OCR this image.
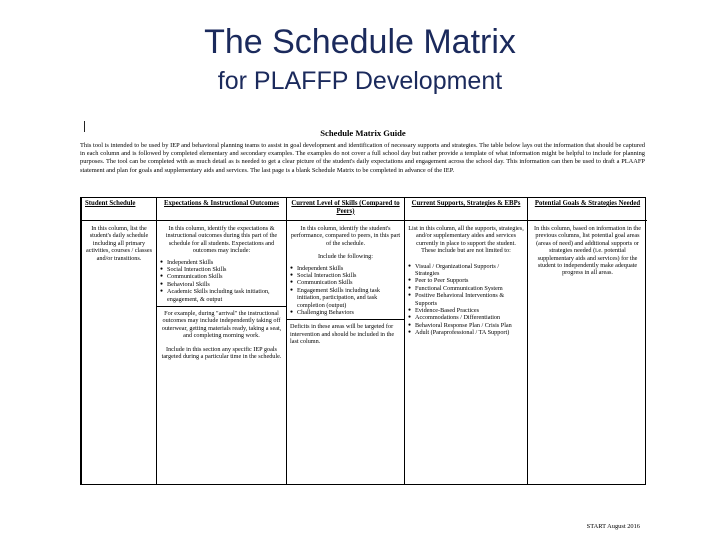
The Schedule Matrix
for PLAFFP Development
Schedule Matrix Guide
This tool is intended to be used by IEP and behavioral planning teams to assist in goal development and identification of necessary supports and strategies. The table below lays out the information that should be captured in each column and is followed by completed elementary and secondary examples. The examples do not cover a full school day but rather provide a template of what information might be helpful to include for planning purposes. The tool can be completed with as much detail as is needed to get a clear picture of the student's daily expectations and engagement across the school day. This information can then be used to draft a PLAAFP statement and plan for goals and supplementary aids and services. The last page is a blank Schedule Matrix to be completed in advance of the IEP.
Student Schedule
In this column, list the student's daily schedule including all primary activities, courses / classes and/or transitions.
Expectations & Instructional Outcomes
In this column, identify the expectations & instructional outcomes during this part of the schedule for all students. Expectations and outcomes may include:
● Independent Skills
● Social Interaction Skills
● Communication Skills
● Behavioral Skills
● Academic Skills including task initiation, engagement, & output
For example, during "arrival" the instructional outcomes may include independently taking off outerwear, getting materials ready, taking a seat, and completing morning work.
Include in this section any specific IEP goals targeted during a particular time in the schedule.
Current Level of Skills (Compared to Peers)
In this column, identify the student's performance, compared to peers, in this part of the schedule.
Include the following:
● Independent Skills
● Social Interaction Skills
● Communication Skills
● Engagement Skills including task initiation, participation, and task completion (output)
● Challenging Behaviors
Deficits in these areas will be targeted for intervention and should be included in the last column.
Current Supports, Strategies & EBPs
List in this column, all the supports, strategies, and/or supplementary aides and services currently in place to support the student. These include but are not limited to:
● Visual / Organizational Supports / Strategies
● Peer to Peer Supports
● Functional Communication System
● Positive Behavioral Interventions & Supports
● Evidence-Based Practices
● Accommodations / Differentiation
● Behavioral Response Plan / Crisis Plan
● Adult (Paraprofessional / TA Support)
Potential Goals & Strategies Needed
In this column, based on information in the previous columns, list potential goal areas (areas of need) and additional supports or strategies needed (i.e. potential supplementary aids and services) for the student to independently make adequate progress in all areas.
START August 2016
